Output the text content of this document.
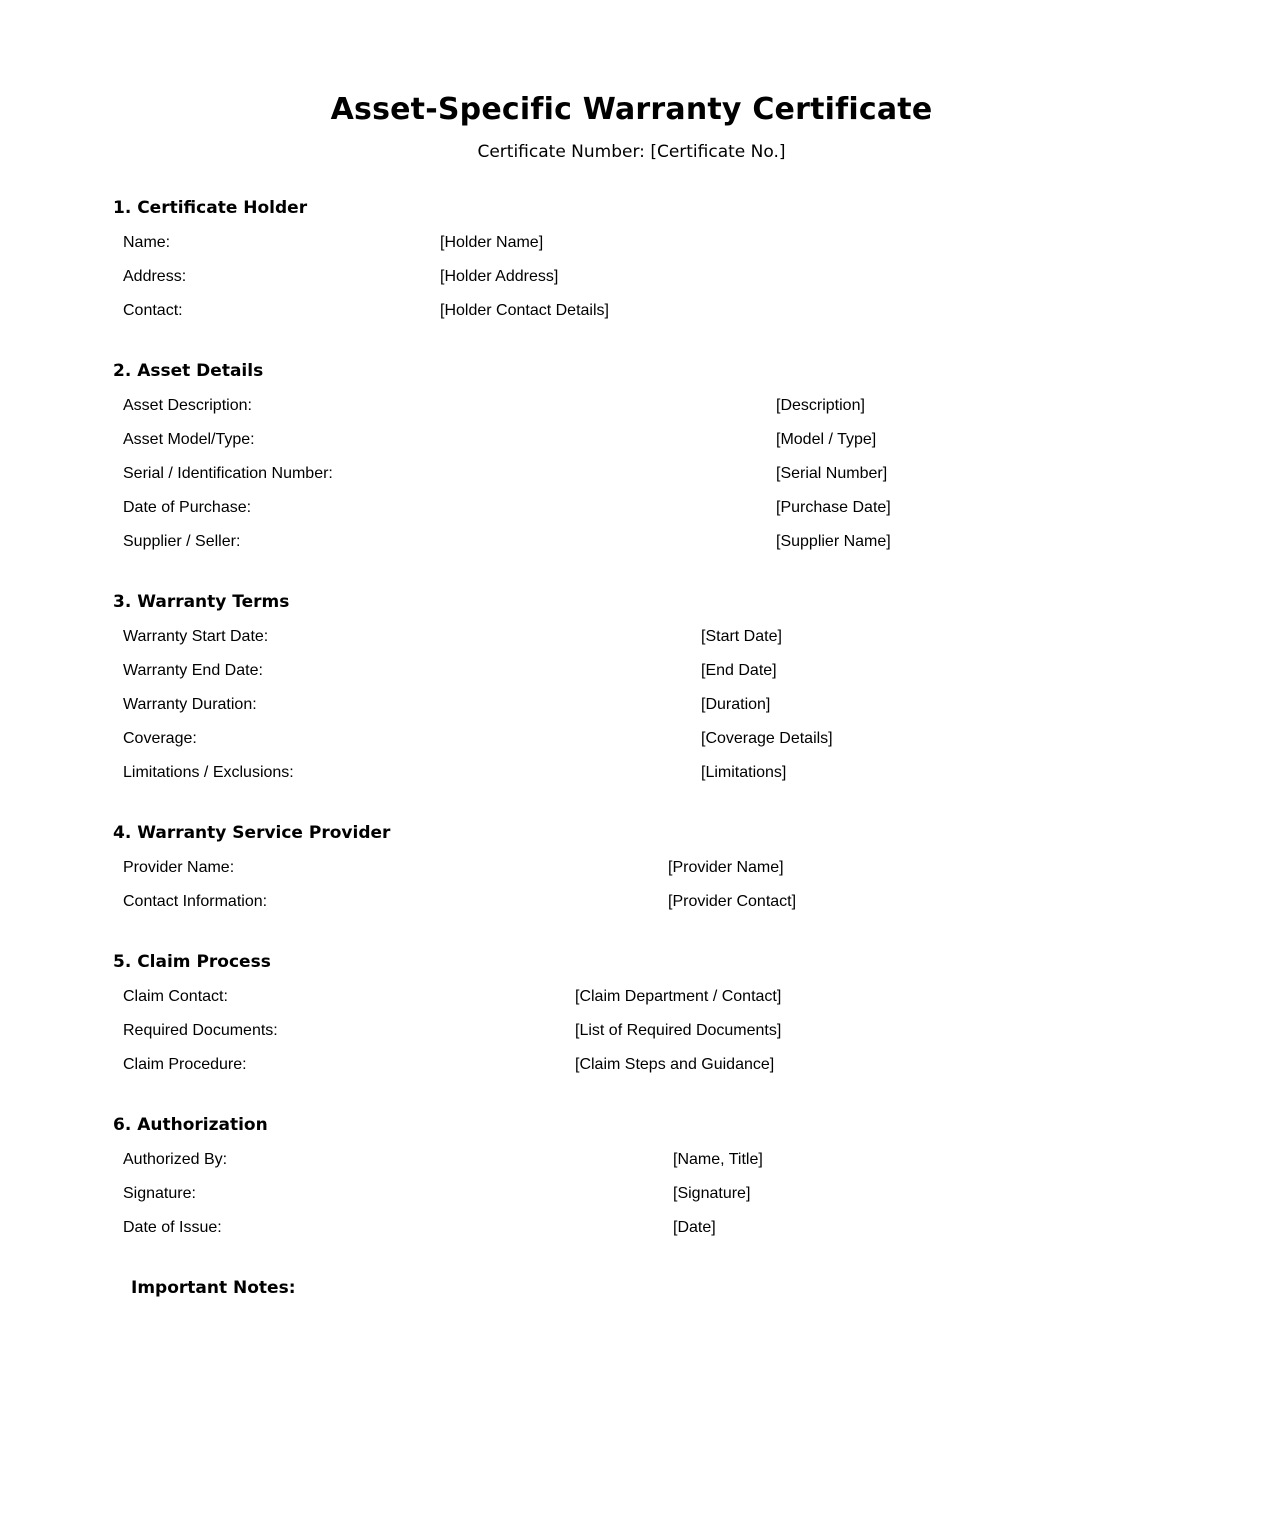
Asset-Specific Warranty Certificate
Certificate Number: [Certificate No.]
1. Certificate Holder
Name:	[Holder Name]
Address:	[Holder Address]
Contact:	[Holder Contact Details]
2. Asset Details
Asset Description:	[Description]
Asset Model/Type:	[Model / Type]
Serial / Identification Number:	[Serial Number]
Date of Purchase:	[Purchase Date]
Supplier / Seller:	[Supplier Name]
3. Warranty Terms
Warranty Start Date:	[Start Date]
Warranty End Date:	[End Date]
Warranty Duration:	[Duration]
Coverage:	[Coverage Details]
Limitations / Exclusions:	[Limitations]
4. Warranty Service Provider
Provider Name:	[Provider Name]
Contact Information:	[Provider Contact]
5. Claim Process
Claim Contact:	[Claim Department / Contact]
Required Documents:	[List of Required Documents]
Claim Procedure:	[Claim Steps and Guidance]
6. Authorization
Authorized By:	[Name, Title]
Signature:	[Signature]
Date of Issue:	[Date]
Important Notes:
